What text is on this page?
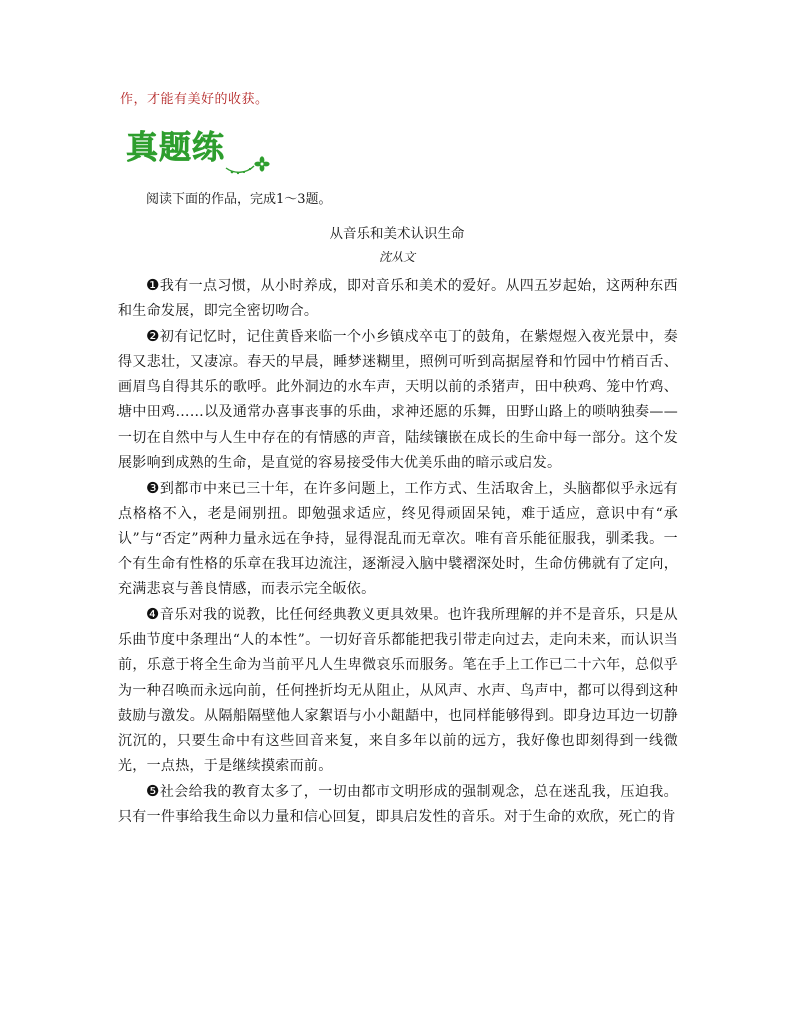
作，才能有美好的收获。
真题练
阅读下面的作品，完成1～3题。
从音乐和美术认识生命
沈从文

❶我有一点习惯，从小时养成，即对音乐和美术的爱好。从四五岁起始，这两种东西和生命发展，即完全密切吻合。

❷初有记忆时，记住黄昏来临一个小乡镇戍卒屯丁的鼓角，在紫煜煜入夜光景中，奏得又悲壮，又凄凉。春天的早晨，睡梦迷糊里，照例可听到高据屋脊和竹园中竹梢百舌、画眉鸟自得其乐的歌呼。此外洞边的水车声，天明以前的杀猪声，田中秧鸡、笼中竹鸡、塘中田鸡……以及通常办喜事丧事的乐曲，求神还愿的乐舞，田野山路上的唢呐独奏——一切在自然中与人生中存在的有情感的声音，陆续镶嵌在成长的生命中每一部分。这个发展影响到成熟的生命，是直觉的容易接受伟大优美乐曲的暗示或启发。

❸到都市中来已三十年，在许多问题上，工作方式、生活取舍上，头脑都似乎永远有点格格不入，老是闹别扭。即勉强求适应，终见得顽固呆钝，难于适应，意识中有“承认”与“否定”两种力量永远在争持，显得混乱而无章次。唯有音乐能征服我，驯柔我。一个有生命有性格的乐章在我耳边流注，逐渐浸入脑中襞褶深处时，生命仿佛就有了定向，充满悲哀与善良情感，而表示完全皈依。

❹音乐对我的说教，比任何经典教义更具效果。也许我所理解的并不是音乐，只是从乐曲节度中条理出“人的本性”。一切好音乐都能把我引带走向过去，走向未来，而认识当前，乐意于将全生命为当前平凡人生卑微哀乐而服务。笔在手上工作已二十六年，总似乎为一种召唤而永远向前，任何挫折均无从阻止，从风声、水声、鸟声中，都可以得到这种鼓励与激发。从隔船隔壁他人家絮语与小小龃龉中，也同样能够得到。即身边耳边一切静沉沉的，只要生命中有这些回音来复，来自多年以前的远方，我好像也即刻得到一线微光，一点热，于是继续摸索而前。

❺社会给我的教育太多了，一切由都市文明形成的强制观念，总在迷乱我，压迫我。只有一件事给我生命以力量和信心回复，即具启发性的音乐。对于生命的欢欣，死亡的肯
